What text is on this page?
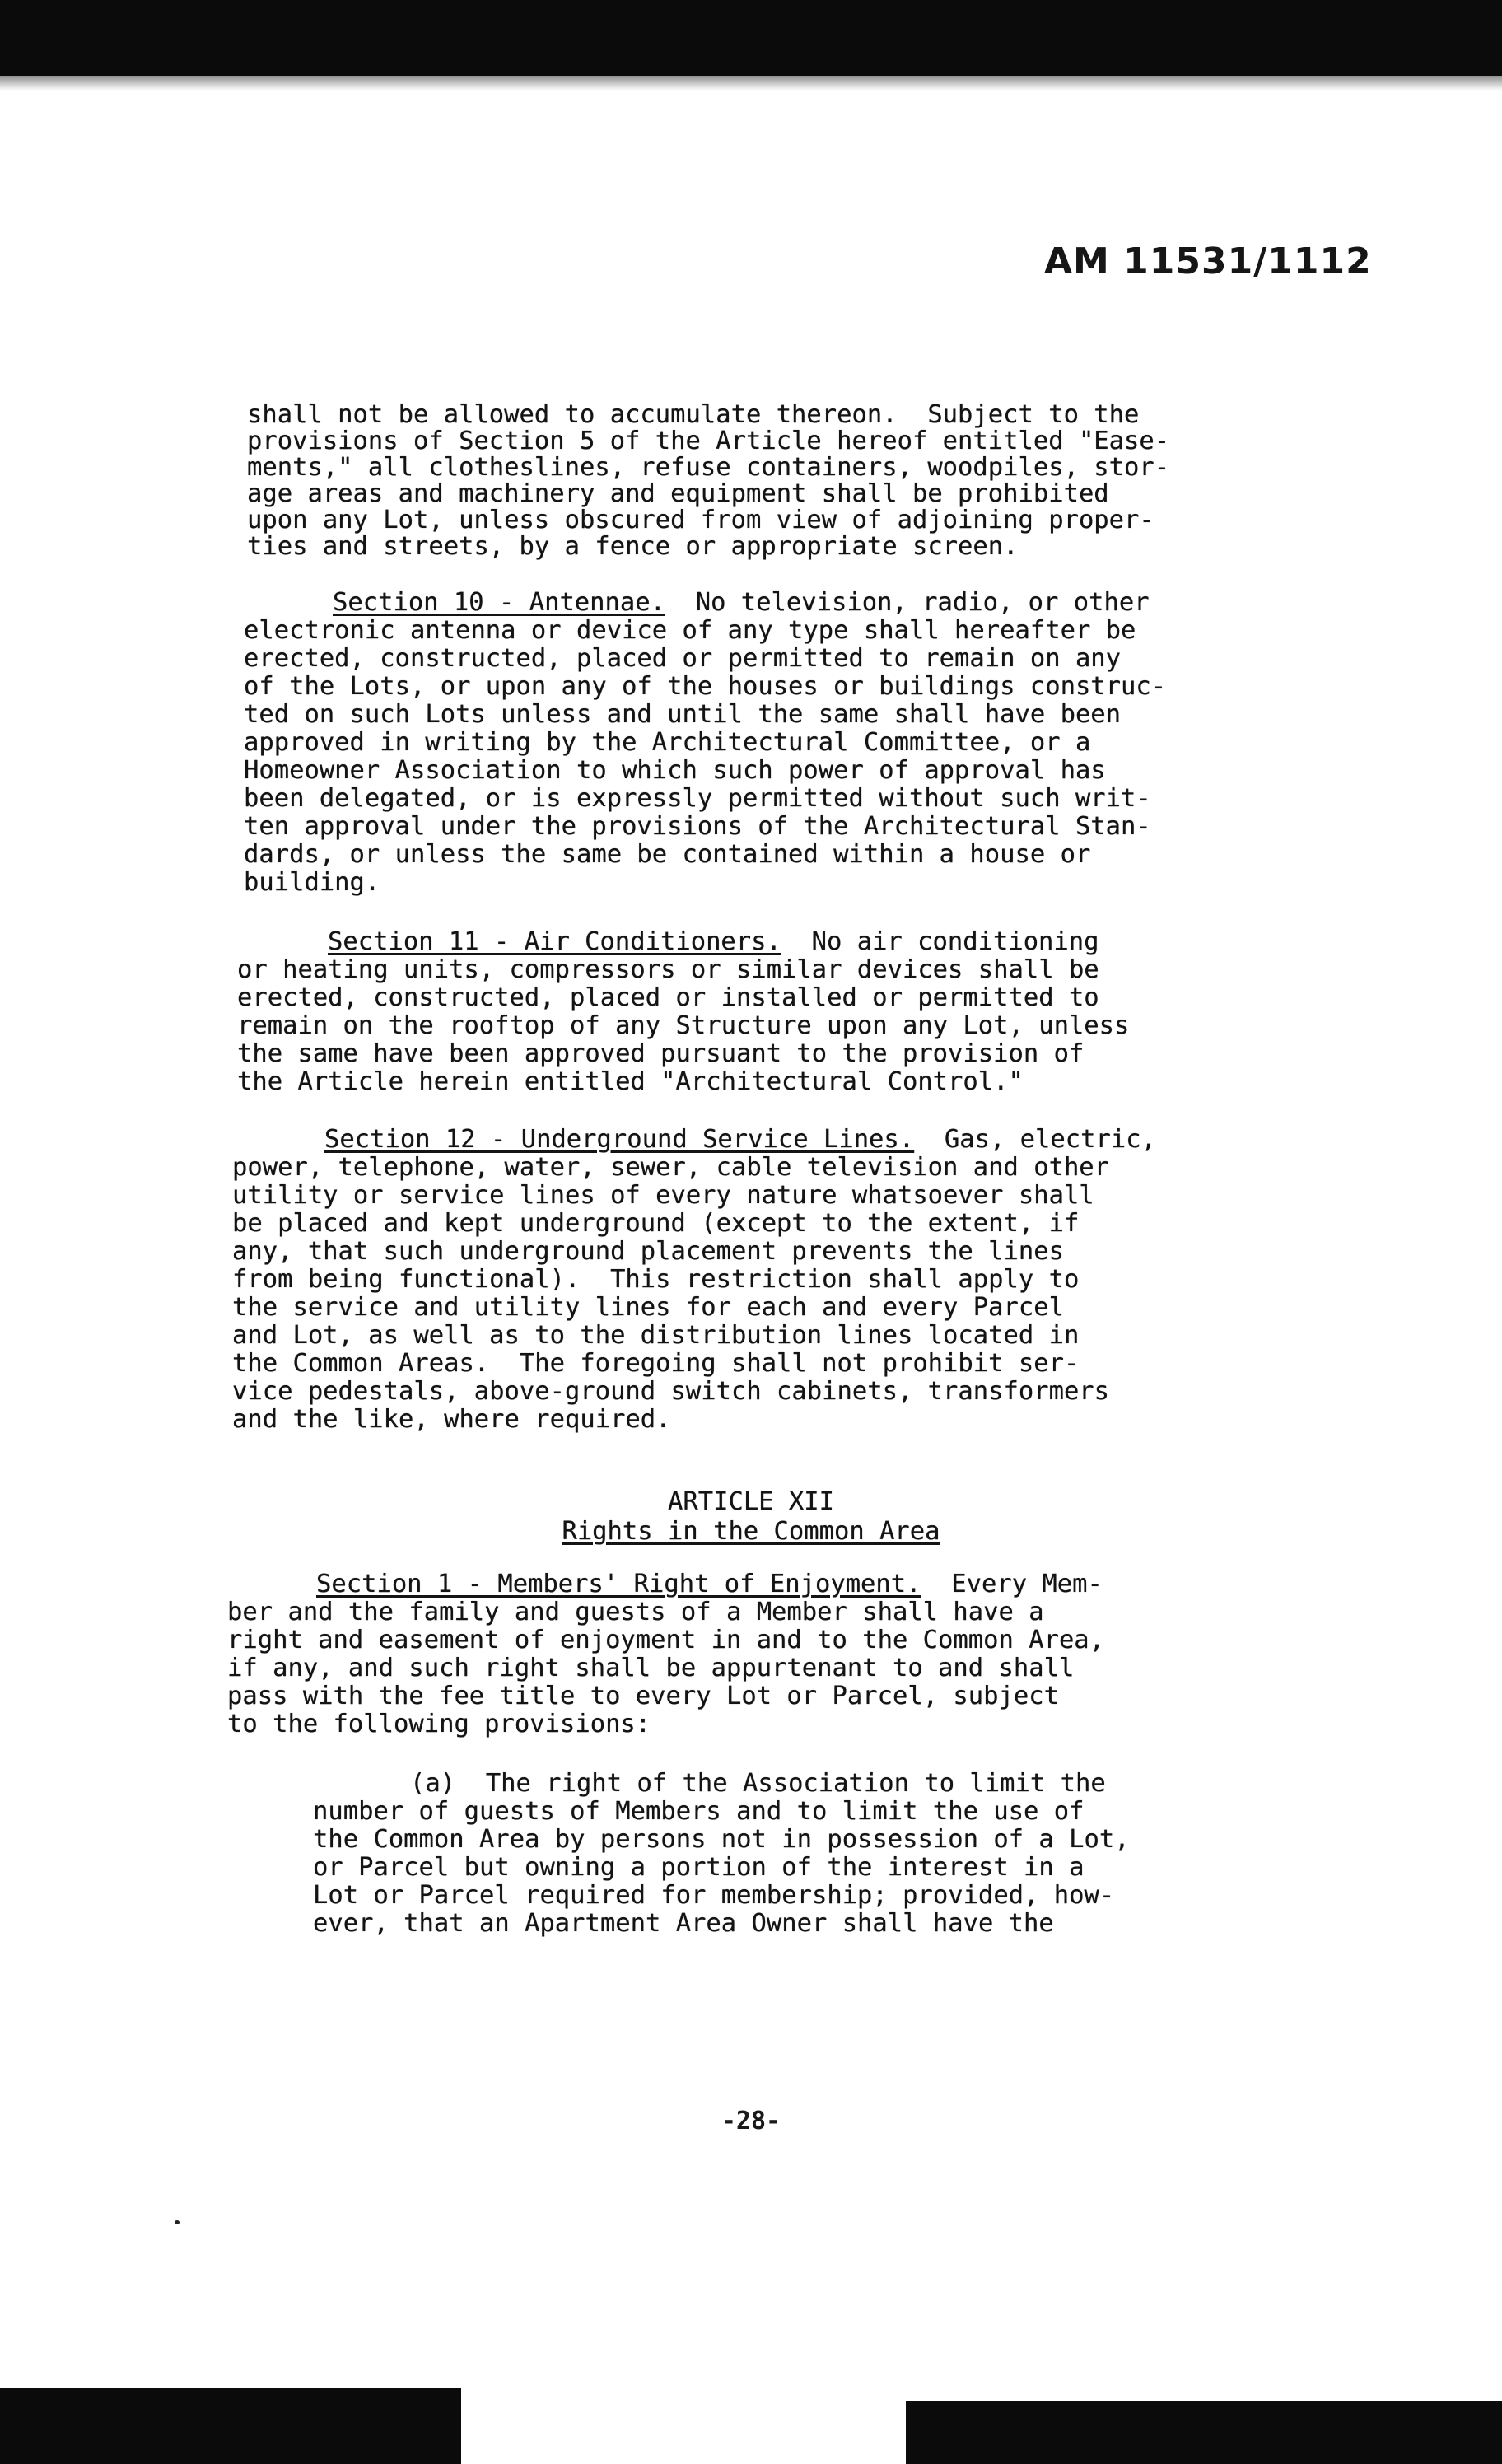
AM 11531/1112
shall not be allowed to accumulate thereon.  Subject to the
provisions of Section 5 of the Article hereof entitled "Ease-
ments," all clotheslines, refuse containers, woodpiles, stor-
age areas and machinery and equipment shall be prohibited
upon any Lot, unless obscured from view of adjoining proper-
ties and streets, by a fence or appropriate screen.
Section 10 - Antennae.  No television, radio, or other
electronic antenna or device of any type shall hereafter be
erected, constructed, placed or permitted to remain on any
of the Lots, or upon any of the houses or buildings construc-
ted on such Lots unless and until the same shall have been
approved in writing by the Architectural Committee, or a
Homeowner Association to which such power of approval has
been delegated, or is expressly permitted without such writ-
ten approval under the provisions of the Architectural Stan-
dards, or unless the same be contained within a house or
building.
Section 11 - Air Conditioners.  No air conditioning
or heating units, compressors or similar devices shall be
erected, constructed, placed or installed or permitted to
remain on the rooftop of any Structure upon any Lot, unless
the same have been approved pursuant to the provision of
the Article herein entitled "Architectural Control."
Section 12 - Underground Service Lines.  Gas, electric,
power, telephone, water, sewer, cable television and other
utility or service lines of every nature whatsoever shall
be placed and kept underground (except to the extent, if
any, that such underground placement prevents the lines
from being functional).  This restriction shall apply to
the service and utility lines for each and every Parcel
and Lot, as well as to the distribution lines located in
the Common Areas.  The foregoing shall not prohibit ser-
vice pedestals, above-ground switch cabinets, transformers
and the like, where required.
ARTICLE XII
Rights in the Common Area
Section 1 - Members' Right of Enjoyment.  Every Mem-
ber and the family and guests of a Member shall have a
right and easement of enjoyment in and to the Common Area,
if any, and such right shall be appurtenant to and shall
pass with the fee title to every Lot or Parcel, subject
to the following provisions:
(a)  The right of the Association to limit the
number of guests of Members and to limit the use of
the Common Area by persons not in possession of a Lot,
or Parcel but owning a portion of the interest in a
Lot or Parcel required for membership; provided, how-
ever, that an Apartment Area Owner shall have the
-28-
